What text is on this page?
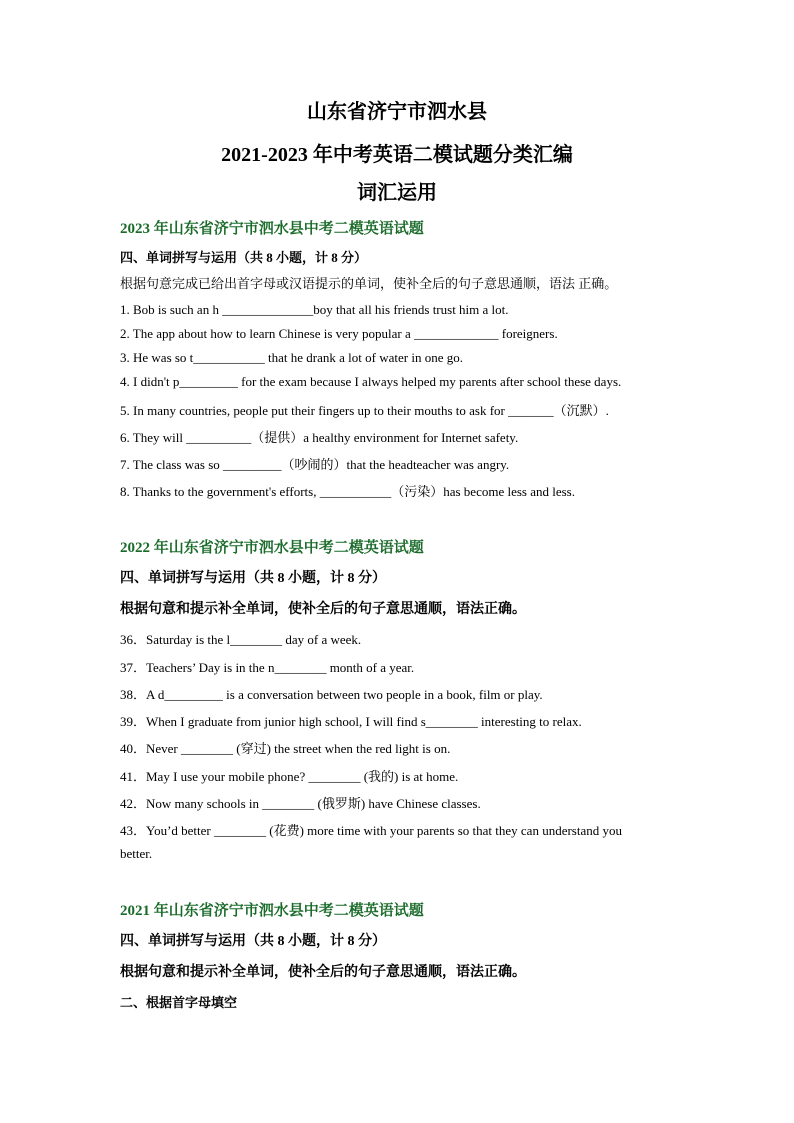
山东省济宁市泗水县
2021-2023 年中考英语二模试题分类汇编
词汇运用
2023 年山东省济宁市泗水县中考二模英语试题
四、单词拼写与运用（共 8 小题，计 8 分）
根据句意完成已给出首字母或汉语提示的单词，使补全后的句子意思通顺，语法 正确。
1. Bob is such an h ______________boy that all his friends trust him a lot.
2. The app about how to learn Chinese is very popular a _____________ foreigners.
3. He was so t___________ that he drank a lot of water in one go.
4. I didn't p_________ for the exam because I always helped my parents after school these days.
5. In many countries, people put their fingers up to their mouths to ask for _______（沉默）.
6. They will __________（提供）a healthy environment for Internet safety.
7. The class was so _________（吵闹的）that the headteacher was angry.
8. Thanks to the government's efforts, ___________（污染）has become less and less.
2022 年山东省济宁市泗水县中考二模英语试题
四、单词拼写与运用（共 8 小题，计 8 分）
根据句意和提示补全单词，使补全后的句子意思通顺，语法正确。
36．Saturday is the l________ day of a week.
37．Teachers’ Day is in the n________ month of a year.
38．A d_________ is a conversation between two people in a book, film or play.
39．When I graduate from junior high school, I will find s________ interesting to relax.
40．Never ________ (穿过) the street when the red light is on.
41．May I use your mobile phone? ________ (我的) is at home.
42．Now many schools in ________ (俄罗斯) have Chinese classes.
43．You’d better ________ (花费) more time with your parents so that they can understand you
better.
2021 年山东省济宁市泗水县中考二模英语试题
四、单词拼写与运用（共 8 小题，计 8 分）
根据句意和提示补全单词，使补全后的句子意思通顺，语法正确。
二、根据首字母填空
